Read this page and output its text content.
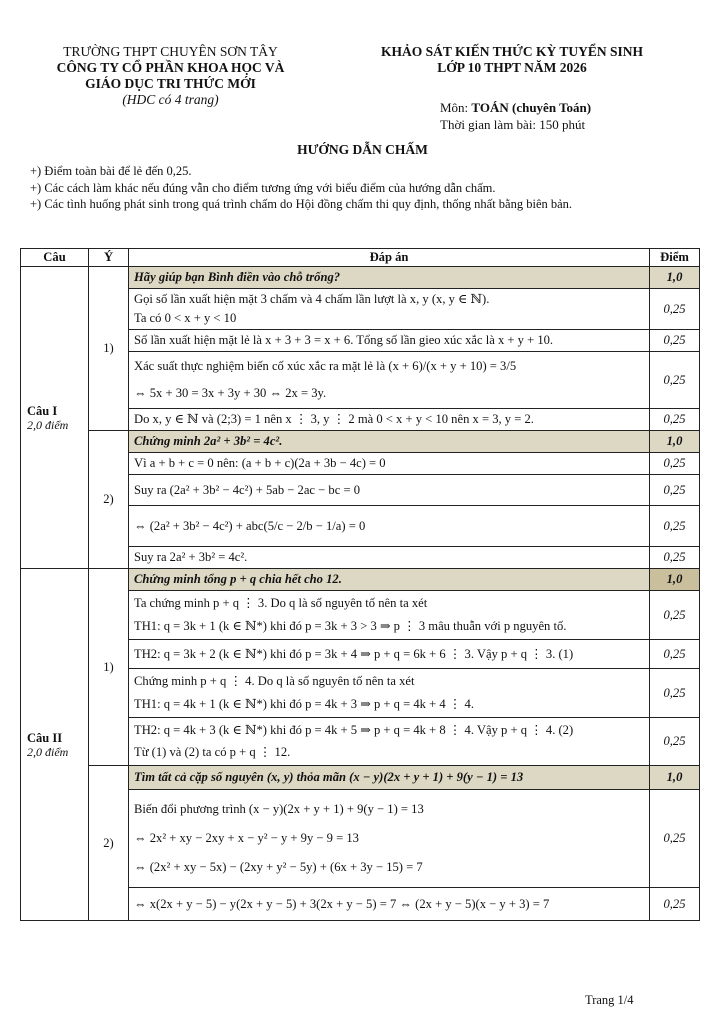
TRƯỜNG THPT CHUYÊN SƠN TÂY
CÔNG TY CỔ PHẦN KHOA HỌC VÀ
GIÁO DỤC TRI THỨC MỚI
(HDC có 4 trang)
KHẢO SÁT KIẾN THỨC KỲ TUYỂN SINH
LỚP 10 THPT NĂM 2026
Môn: TOÁN (chuyên Toán)
Thời gian làm bài: 150 phút
HƯỚNG DẪN CHẤM
+) Điểm toàn bài để lẻ đến 0,25.
+) Các cách làm khác nếu đúng vẫn cho điểm tương ứng với biểu điểm của hướng dẫn chấm.
+) Các tình huống phát sinh trong quá trình chấm do Hội đồng chấm thi quy định, thống nhất bằng biên bản.
Câu	Ý	Đáp án	Điểm

Câu I
2,0 điểm	1)	Hãy giúp bạn Bình điền vào chỗ trống?	1,0

		Gọi số lần xuất hiện mặt 3 chấm và 4 chấm lần lượt là x, y (x, y ∈ ℕ).
Ta có 0 < x + y < 10	0,25
		Số lần xuất hiện mặt lẻ là x + 3 + 3 = x + 6. Tổng số lần gieo xúc xắc là x + y + 10.	0,25

		Xác suất thực nghiệm biến cố xúc xắc ra mặt lẻ là (x + 6)/(x + y + 10) = 3/5
⇔ 5x + 30 = 3x + 3y + 30 ⇔ 2x = 3y.	0,25
		Do x, y ∈ ℕ và (2;3) = 1 nên x ⋮ 3, y ⋮ 2 mà 0 < x + y < 10 nên x = 3, y = 2.	0,25
	2)	Chứng minh 2a² + 3b² = 4c².	1,0
		Vì a + b + c = 0 nên: (a + b + c)(2a + 3b − 4c) = 0	0,25
		Suy ra (2a² + 3b² − 4c²) + 5ab − 2ac − bc = 0	0,25
		⇔ (2a² + 3b² − 4c²) + abc(5/c − 2/b − 1/a) = 0	0,25
		Suy ra 2a² + 3b² = 4c².	0,25

Câu II
2,0 điểm	1)	Chứng minh tổng p + q chia hết cho 12.	1,0

		Ta chứng minh p + q ⋮ 3. Do q là số nguyên tố nên ta xét
TH1: q = 3k + 1 (k ∈ ℕ*) khi đó p = 3k + 3 > 3 ⇒ p ⋮ 3 mâu thuẫn với p nguyên tố.	0,25
		TH2: q = 3k + 2 (k ∈ ℕ*) khi đó p = 3k + 4 ⇒ p + q = 6k + 6 ⋮ 3. Vậy p + q ⋮ 3. (1)	0,25

		Chứng minh p + q ⋮ 4. Do q là số nguyên tố nên ta xét
TH1: q = 4k + 1 (k ∈ ℕ*) khi đó p = 4k + 3 ⇒ p + q = 4k + 4 ⋮ 4.	0,25

		TH2: q = 4k + 3 (k ∈ ℕ*) khi đó p = 4k + 5 ⇒ p + q = 4k + 8 ⋮ 4. Vậy p + q ⋮ 4. (2)
Từ (1) và (2) ta có p + q ⋮ 12.	0,25
	2)	Tìm tất cả cặp số nguyên (x, y) thỏa mãn (x − y)(2x + y + 1) + 9(y − 1) = 13	1,0

		Biến đổi phương trình (x − y)(2x + y + 1) + 9(y − 1) = 13
⇔ 2x² + xy − 2xy + x − y² − y + 9y − 9 = 13
⇔ (2x² + xy − 5x) − (2xy + y² − 5y) + (6x + 3y − 15) = 7	0,25
		⇔ x(2x + y − 5) − y(2x + y − 5) + 3(2x + y − 5) = 7 ⇔ (2x + y − 5)(x − y + 3) = 7	0,25
Trang 1/4
